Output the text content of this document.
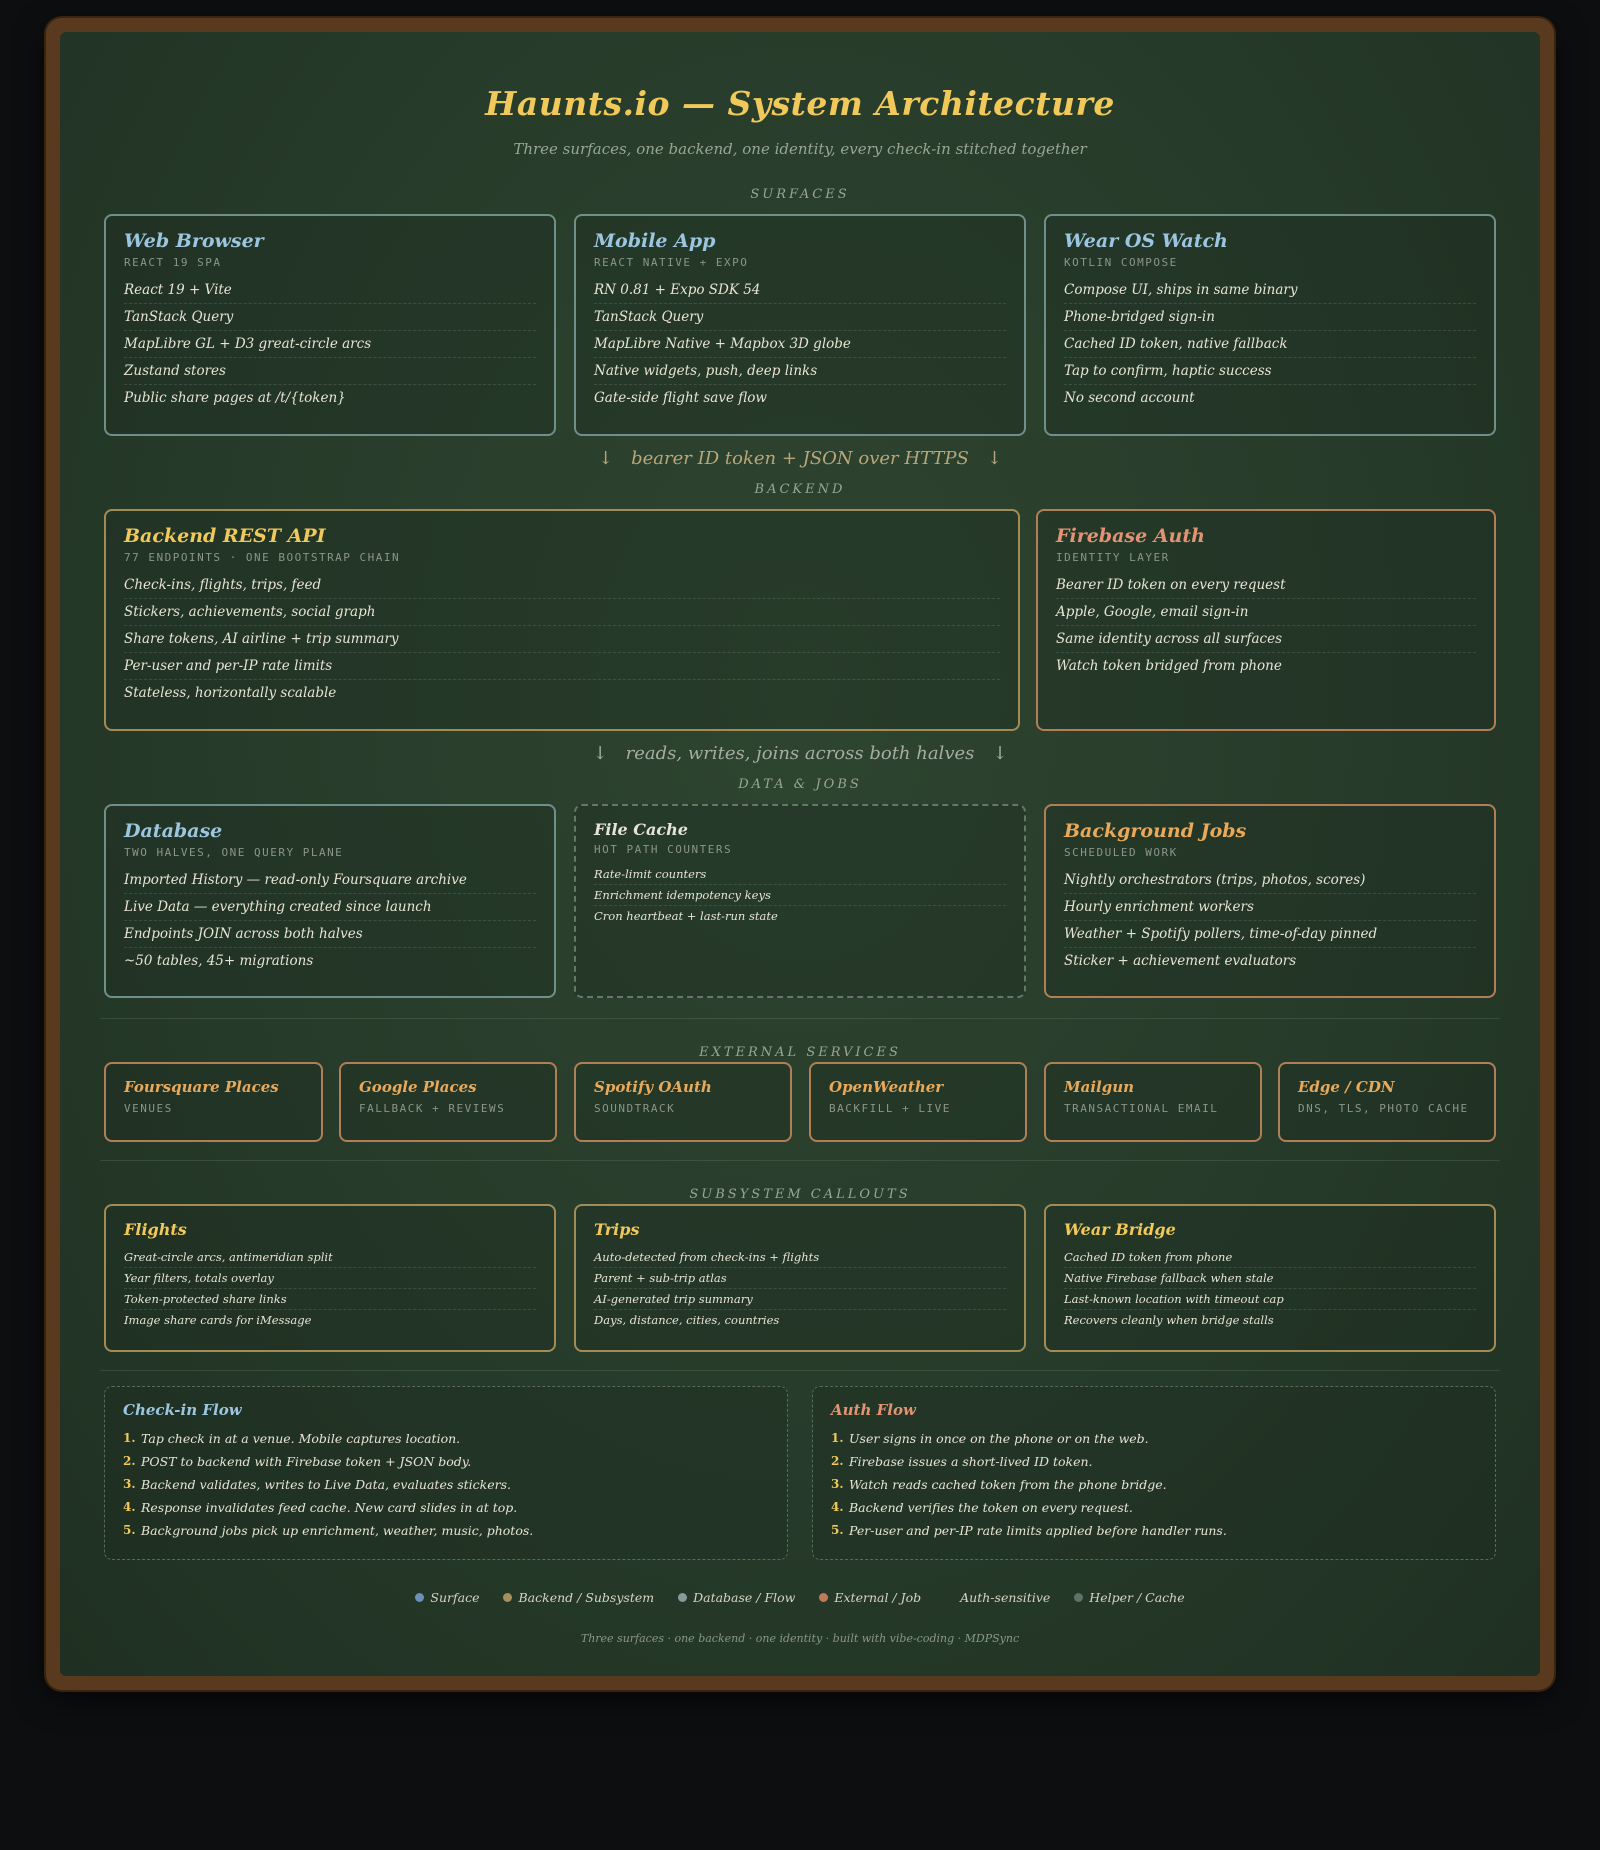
Haunts.io — System Architecture
Three surfaces, one backend, one identity, every check-in stitched together
SURFACES
Web Browser
REACT 19 SPA
React 19 + Vite
TanStack Query
MapLibre GL + D3 great-circle arcs
Zustand stores
Public share pages at /t/{token}
Mobile App
REACT NATIVE + EXPO
RN 0.81 + Expo SDK 54
TanStack Query
MapLibre Native + Mapbox 3D globe
Native widgets, push, deep links
Gate-side flight save flow
Wear OS Watch
KOTLIN COMPOSE
Compose UI, ships in same binary
Phone-bridged sign-in
Cached ID token, native fallback
Tap to confirm, haptic success
No second account
↓ bearer ID token + JSON over HTTPS ↓
BACKEND
Backend REST API
77 ENDPOINTS · ONE BOOTSTRAP CHAIN
Check-ins, flights, trips, feed
Stickers, achievements, social graph
Share tokens, AI airline + trip summary
Per-user and per-IP rate limits
Stateless, horizontally scalable
Firebase Auth
IDENTITY LAYER
Bearer ID token on every request
Apple, Google, email sign-in
Same identity across all surfaces
Watch token bridged from phone
↓ reads, writes, joins across both halves ↓
DATA & JOBS
Database
TWO HALVES, ONE QUERY PLANE
Imported History — read-only Foursquare archive
Live Data — everything created since launch
Endpoints JOIN across both halves
~50 tables, 45+ migrations
File Cache
HOT PATH COUNTERS
Rate-limit counters
Enrichment idempotency keys
Cron heartbeat + last-run state
Background Jobs
SCHEDULED WORK
Nightly orchestrators (trips, photos, scores)
Hourly enrichment workers
Weather + Spotify pollers, time-of-day pinned
Sticker + achievement evaluators
EXTERNAL SERVICES
Foursquare Places
VENUES
Google Places
FALLBACK + REVIEWS
Spotify OAuth
SOUNDTRACK
OpenWeather
BACKFILL + LIVE
Mailgun
TRANSACTIONAL EMAIL
Edge / CDN
DNS, TLS, PHOTO CACHE
SUBSYSTEM CALLOUTS
Flights
Great-circle arcs, antimeridian split
Year filters, totals overlay
Token-protected share links
Image share cards for iMessage
Trips
Auto-detected from check-ins + flights
Parent + sub-trip atlas
AI-generated trip summary
Days, distance, cities, countries
Wear Bridge
Cached ID token from phone
Native Firebase fallback when stale
Last-known location with timeout cap
Recovers cleanly when bridge stalls
Check-in Flow
1. Tap check in at a venue. Mobile captures location.
2. POST to backend with Firebase token + JSON body.
3. Backend validates, writes to Live Data, evaluates stickers.
4. Response invalidates feed cache. New card slides in at top.
5. Background jobs pick up enrichment, weather, music, photos.
Auth Flow
1. User signs in once on the phone or on the web.
2. Firebase issues a short-lived ID token.
3. Watch reads cached token from the phone bridge.
4. Backend verifies the token on every request.
5. Per-user and per-IP rate limits applied before handler runs.
Surface	Backend / Subsystem	Database / Flow	External / Job	Auth-sensitive	Helper / Cache
Three surfaces · one backend · one identity · built with vibe-coding · MDPSync
